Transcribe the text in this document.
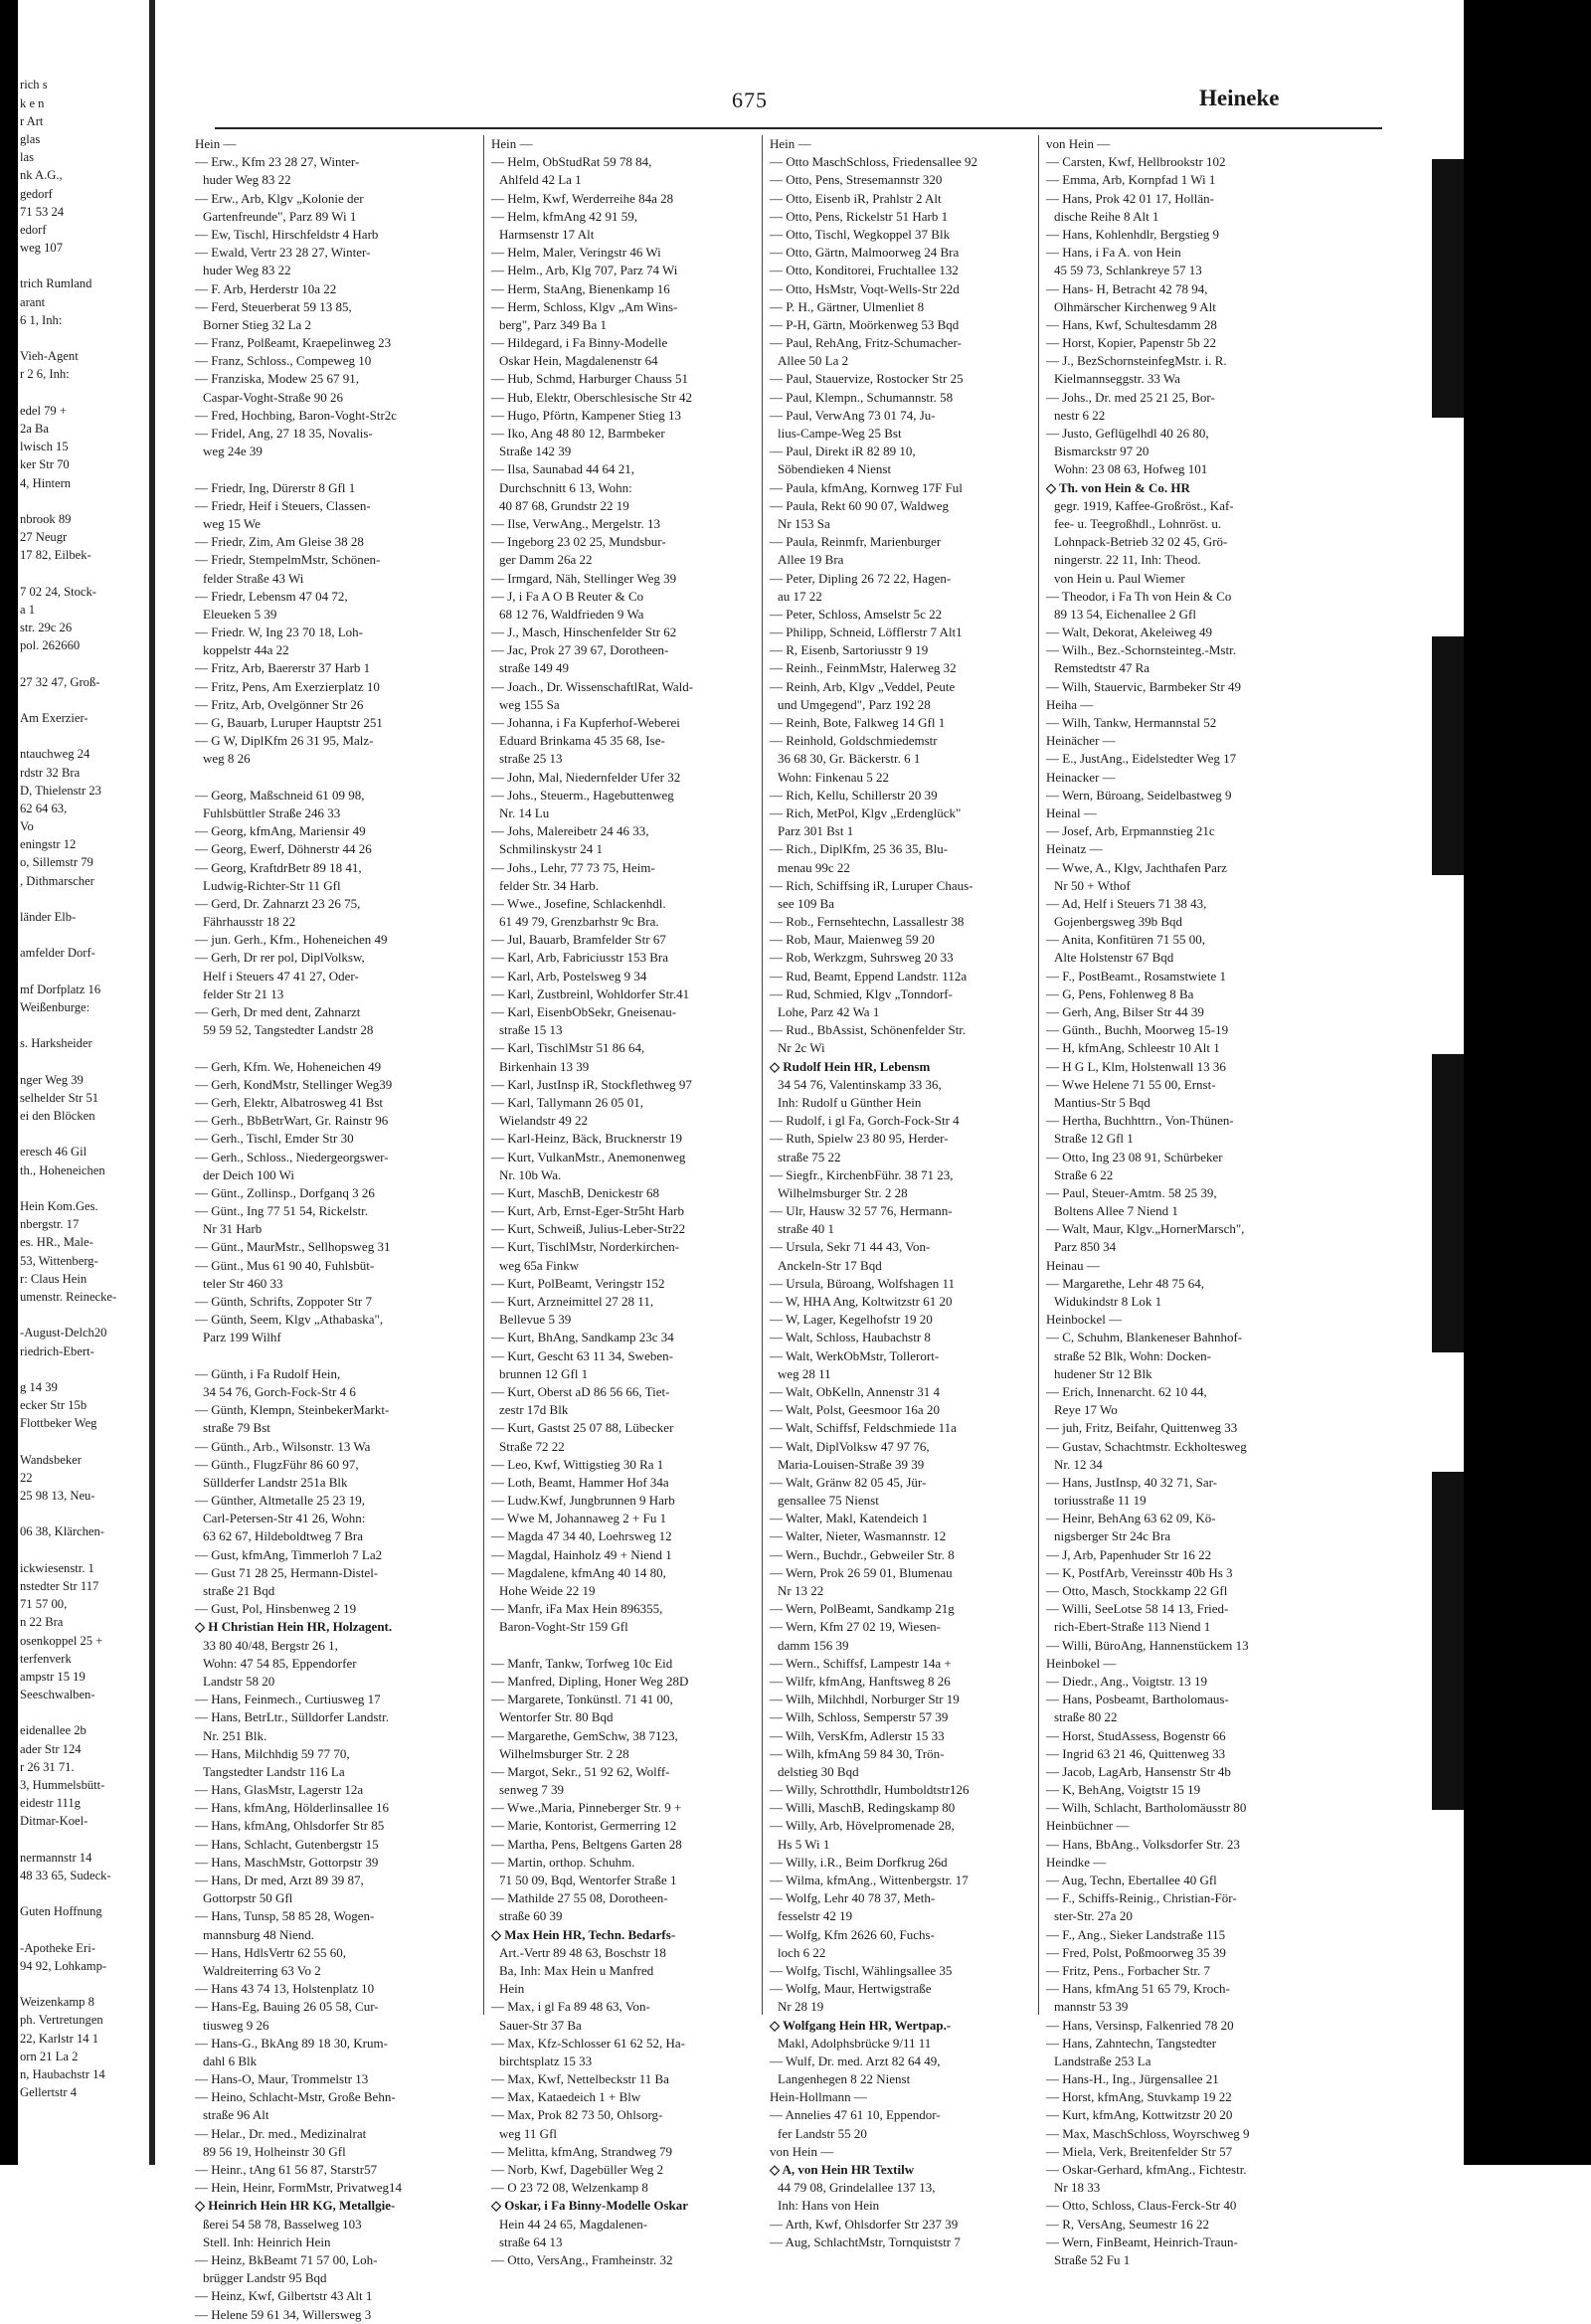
rich s
k e n
r Art
glas
las
nk A.G.,
gedorf
71 53 24
edorf
weg 107
trich Rumland
arant
6 1, Inh:
Vieh-Agent
r 2 6, Inh:
edel 79 +
2a Ba
lwisch 15
ker Str 70
4, Hintern
nbrook 89
27 Neugr
17 82, Eilbek-
7 02 24, Stock-
a 1
str. 29c 26
pol. 262660
27 32 47, Groß-
Am Exerzier-
ntauchweg 24
rdstr 32 Bra
D, Thielenstr 23
62 64 63,
Vo
eningstr 12
o, Sillemstr 79
, Dithmarscher
länder Elb-
amfelder Dorf-
mf Dorfplatz 16
Weißenburge:
s. Harksheider
nger Weg 39
selhelder Str 51
ei den Blöcken
eresch 46 Gil
th., Hoheneichen
Hein Kom.Ges.
nbergstr. 17
es. HR., Male-
53, Wittenberg-
r: Claus Hein
umenstr. Reinecke-
-August-Delch20
riedrich-Ebert-
g 14 39
ecker Str 15b
Flottbeker Weg
Wandsbeker
22
25 98 13, Neu-
06 38, Klärchen-
ickwiesenstr. 1
nstedter Str 117
71 57 00,
n 22 Bra
osenkoppel 25 +
terfenverk
ampstr 15 19
Seeschwalben-
eidenallee 2b
ader Str 124
r 26 31 71.
3, Hummelsbütt-
eidestr 111g
Ditmar-Koel-
nermannstr 14
48 33 65, Sudeck-
Guten Hoffnung
-Apotheke Eri-
94 92, Lohkamp-
Weizenkamp 8
ph. Vertretungen
22, Karlstr 14 1
orn 21 La 2
n, Haubachstr 14
Gellertstr 4
675	Heineke
Hein —
— Erw., Kfm 23 28 27, Winter-
huder Weg 83 22
— Erw., Arb, Klgv „Kolonie der
Gartenfreunde", Parz 89 Wi 1
— Ew, Tischl, Hirschfeldstr 4 Harb
— Ewald, Vertr 23 28 27, Winter-
huder Weg 83 22
— F. Arb, Herderstr 10a 22
— Ferd, Steuerberat 59 13 85,
Borner Stieg 32 La 2
— Franz, Polßeamt, Kraepelinweg 23
— Franz, Schloss., Compeweg 10
— Franziska, Modew 25 67 91,
Caspar-Voght-Straße 90 26
— Fred, Hochbing, Baron-Voght-Str2c
— Fridel, Ang, 27 18 35, Novalis-
weg 24e 39
— Friedr, Ing, Dürerstr 8 Gfl 1
— Friedr, Heif i Steuers, Classen-
weg 15 We
— Friedr, Zim, Am Gleise 38 28
— Friedr, StempelmMstr, Schönen-
felder Straße 43 Wi
— Friedr, Lebensm 47 04 72,
Eleueken 5 39
— Friedr. W, Ing 23 70 18, Loh-
koppelstr 44a 22
— Fritz, Arb, Baererstr 37 Harb 1
— Fritz, Pens, Am Exerzierplatz 10
— Fritz, Arb, Ovelgönner Str 26
— G, Bauarb, Luruper Hauptstr 251
— G W, DiplKfm 26 31 95, Malz-
weg 8 26
— Georg, Maßschneid 61 09 98,
Fuhlsbüttler Straße 246 33
— Georg, kfmAng, Mariensir 49
— Georg, Ewerf, Döhnerstr 44 26
— Georg, KraftdrBetr 89 18 41,
Ludwig-Richter-Str 11 Gfl
— Gerd, Dr. Zahnarzt 23 26 75,
Fährhausstr 18 22
— jun. Gerh., Kfm., Hoheneichen 49
— Gerh, Dr rer pol, DiplVolksw,
Helf i Steuers 47 41 27, Oder-
felder Str 21 13
— Gerh, Dr med dent, Zahnarzt
59 59 52, Tangstedter Landstr 28
— Gerh, Kfm. We, Hoheneichen 49
— Gerh, KondMstr, Stellinger Weg39
— Gerh, Elektr, Albatrosweg 41 Bst
— Gerh., BbBetrWart, Gr. Rainstr 96
— Gerh., Tischl, Emder Str 30
— Gerh., Schloss., Niedergeorgswer-
der Deich 100 Wi
— Günt., Zollinsp., Dorfganq 3 26
— Günt., Ing 77 51 54, Rickelstr.
Nr 31 Harb
— Günt., MaurMstr., Sellhopsweg 31
— Günt., Mus 61 90 40, Fuhlsbüt-
teler Str 460 33
— Günth, Schrifts, Zoppoter Str 7
— Günth, Seem, Klgv „Athabaska",
Parz 199 Wilhf
— Günth, i Fa Rudolf Hein,
34 54 76, Gorch-Fock-Str 4 6
— Günth, Klempn, SteinbekerMarkt-
straße 79 Bst
— Günth., Arb., Wilsonstr. 13 Wa
— Günth., FlugzFühr 86 60 97,
Süllderfer Landstr 251a Blk
— Günther, Altmetalle 25 23 19,
Carl-Petersen-Str 41 26, Wohn:
63 62 67, Hildeboldtweg 7 Bra
— Gust, kfmAng, Timmerloh 7 La2
— Gust 71 28 25, Hermann-Distel-
straße 21 Bqd
— Gust, Pol, Hinsbenweg 2 19
◇ H Christian Hein HR, Holzagent.
33 80 40/48, Bergstr 26 1,
Wohn: 47 54 85, Eppendorfer
Landstr 58 20
— Hans, Feinmech., Curtiusweg 17
— Hans, BetrLtr., Sülldorfer Landstr.
Nr. 251 Blk.
— Hans, Milchhdig 59 77 70,
Tangstedter Landstr 116 La
— Hans, GlasMstr, Lagerstr 12a
— Hans, kfmAng, Hölderlinsallee 16
— Hans, kfmAng, Ohlsdorfer Str 85
— Hans, Schlacht, Gutenbergstr 15
— Hans, MaschMstr, Gottorpstr 39
— Hans, Dr med, Arzt 89 39 87,
Gottorpstr 50 Gfl
— Hans, Tunsp, 58 85 28, Wogen-
mannsburg 48 Niend.
— Hans, HdlsVertr 62 55 60,
Waldreiterring 63 Vo 2
— Hans 43 74 13, Holstenplatz 10
— Hans-Eg, Bauing 26 05 58, Cur-
tiusweg 9 26
— Hans-G., BkAng 89 18 30, Krum-
dahl 6 Blk
— Hans-O, Maur, Trommelstr 13
— Heino, Schlacht-Mstr, Große Behn-
straße 96 Alt
— Helar., Dr. med., Medizinalrat
89 56 19, Holheinstr 30 Gfl
— Heinr., tAng 61 56 87, Starstr57
— Hein, Heinr, FormMstr, Privatweg14
◇ Heinrich Hein HR KG, Metallgie-
ßerei 54 58 78, Basselweg 103
Stell. Inh: Heinrich Hein
— Heinz, BkBeamt 71 57 00, Loh-
brügger Landstr 95 Bqd
— Heinz, Kwf, Gilbertstr 43 Alt 1
— Helene 59 61 34, Willersweg 3
Hein —
— Helm, ObStudRat 59 78 84,
Ahlfeld 42 La 1
— Helm, Kwf, Werderreihe 84a 28
— Helm, kfmAng 42 91 59,
Harmsenstr 17 Alt
— Helm, Maler, Veringstr 46 Wi
— Helm., Arb, Klg 707, Parz 74 Wi
— Herm, StaAng, Bienenkamp 16
— Herm, Schloss, Klgv „Am Wins-
berg", Parz 349 Ba 1
— Hildegard, i Fa Binny-Modelle
Oskar Hein, Magdalenenstr 64
— Hub, Schmd, Harburger Chauss 51
— Hub, Elektr, Oberschlesische Str 42
— Hugo, Pförtn, Kampener Stieg 13
— Iko, Ang 48 80 12, Barmbeker
Straße 142 39
— Ilsa, Saunabad 44 64 21,
Durchschnitt 6 13, Wohn:
40 87 68, Grundstr 22 19
— Ilse, VerwAng., Mergelstr. 13
— Ingeborg 23 02 25, Mundsbur-
ger Damm 26a 22
— Irmgard, Näh, Stellinger Weg 39
— J, i Fa A O B Reuter & Co
68 12 76, Waldfrieden 9 Wa
— J., Masch, Hinschenfelder Str 62
— Jac, Prok 27 39 67, Dorotheen-
straße 149 49
— Joach., Dr. WissenschaftlRat, Wald-
weg 155 Sa
— Johanna, i Fa Kupferhof-Weberei
Eduard Brinkama 45 35 68, Ise-
straße 25 13
— John, Mal, Niedernfelder Ufer 32
— Johs., Steuerm., Hagebuttenweg
Nr. 14 Lu
— Johs, Malereibetr 24 46 33,
Schmilinskystr 24 1
— Johs., Lehr, 77 73 75, Heim-
felder Str. 34 Harb.
— Wwe., Josefine, Schlackenhdl.
61 49 79, Grenzbarhstr 9c Bra.
— Jul, Bauarb, Bramfelder Str 67
— Karl, Arb, Fabriciusstr 153 Bra
— Karl, Arb, Postelsweg 9 34
— Karl, Zustbreinl, Wohldorfer Str.41
— Karl, EisenbObSekr, Gneisenau-
straße 15 13
— Karl, TischlMstr 51 86 64,
Birkenhain 13 39
— Karl, JustInsp iR, Stockflethweg 97
— Karl, Tallymann 26 05 01,
Wielandstr 49 22
— Karl-Heinz, Bäck, Brucknerstr 19
— Kurt, VulkanMstr., Anemonenweg
Nr. 10b Wa.
— Kurt, MaschB, Denickestr 68
— Kurt, Arb, Ernst-Eger-Str5ht Harb
— Kurt, Schweiß, Julius-Leber-Str22
— Kurt, TischlMstr, Norderkirchen-
weg 65a Finkw
— Kurt, PolBeamt, Veringstr 152
— Kurt, Arzneimittel 27 28 11,
Bellevue 5 39
— Kurt, BhAng, Sandkamp 23c 34
— Kurt, Gescht 63 11 34, Sweben-
brunnen 12 Gfl 1
— Kurt, Oberst aD 86 56 66, Tiet-
zestr 17d Blk
— Kurt, Gastst 25 07 88, Lübecker
Straße 72 22
— Leo, Kwf, Wittigstieg 30 Ra 1
— Loth, Beamt, Hammer Hof 34a
— Ludw.Kwf, Jungbrunnen 9 Harb
— Wwe M, Johannaweg 2 + Fu 1
— Magda 47 34 40, Loehrsweg 12
— Magdal, Hainholz 49 + Niend 1
— Magdalene, kfmAng 40 14 80,
Hohe Weide 22 19
— Manfr, iFa Max Hein 896355,
Baron-Voght-Str 159 Gfl
— Manfr, Tankw, Torfweg 10c Eid
— Manfred, Dipling, Honer Weg 28D
— Margarete, Tonkünstl. 71 41 00,
Wentorfer Str. 80 Bqd
— Margarethe, GemSchw, 38 7123,
Wilhelmsburger Str. 2 28
— Margot, Sekr., 51 92 62, Wolff-
senweg 7 39
— Wwe.,Maria, Pinneberger Str. 9 +
— Marie, Kontorist, Germerring 12
— Martha, Pens, Beltgens Garten 28
— Martin, orthop. Schuhm.
71 50 09, Bqd, Wentorfer Straße 1
— Mathilde 27 55 08, Dorotheen-
straße 60 39
◇ Max Hein HR, Techn. Bedarfs-
Art.-Vertr 89 48 63, Boschstr 18
Ba, Inh: Max Hein u Manfred
Hein
— Max, i gl Fa 89 48 63, Von-
Sauer-Str 37 Ba
— Max, Kfz-Schlosser 61 62 52, Ha-
birchtsplatz 15 33
— Max, Kwf, Nettelbeckstr 11 Ba
— Max, Kataedeich 1 + Blw
— Max, Prok 82 73 50, Ohlsorg-
weg 11 Gfl
— Melitta, kfmAng, Strandweg 79
— Norb, Kwf, Dagebüller Weg 2
— O 23 72 08, Welzenkamp 8
◇ Oskar, i Fa Binny-Modelle Oskar
Hein 44 24 65, Magdalenen-
straße 64 13
— Otto, VersAng., Framheinstr. 32
Hein —
— Otto MaschSchloss, Friedensallee 92
— Otto, Pens, Stresemannstr 320
— Otto, Eisenb iR, Prahlstr 2 Alt
— Otto, Pens, Rickelstr 51 Harb 1
— Otto, Tischl, Wegkoppel 37 Blk
— Otto, Gärtn, Malmoorweg 24 Bra
— Otto, Konditorei, Fruchtallee 132
— Otto, HsMstr, Voqt-Wells-Str 22d
— P. H., Gärtner, Ulmenliet 8
— P-H, Gärtn, Moörkenweg 53 Bqd
— Paul, RehAng, Fritz-Schumacher-
Allee 50 La 2
— Paul, Stauervize, Rostocker Str 25
— Paul, Klempn., Schumannstr. 58
— Paul, VerwAng 73 01 74, Ju-
lius-Campe-Weg 25 Bst
— Paul, Direkt iR 82 89 10,
Söbendieken 4 Nienst
— Paula, kfmAng, Kornweg 17F Ful
— Paula, Rekt 60 90 07, Waldweg
Nr 153 Sa
— Paula, Reinmfr, Marienburger
Allee 19 Bra
— Peter, Dipling 26 72 22, Hagen-
au 17 22
— Peter, Schloss, Amselstr 5c 22
— Philipp, Schneid, Löfflerstr 7 Alt1
— R, Eisenb, Sartoriusstr 9 19
— Reinh., FeinmMstr, Halerweg 32
— Reinh, Arb, Klgv „Veddel, Peute
und Umgegend", Parz 192 28
— Reinh, Bote, Falkweg 14 Gfl 1
— Reinhold, Goldschmiedemstr
36 68 30, Gr. Bäckerstr. 6 1
Wohn: Finkenau 5 22
— Rich, Kellu, Schillerstr 20 39
— Rich, MetPol, Klgv „Erdenglück"
Parz 301 Bst 1
— Rich., DiplKfm, 25 36 35, Blu-
menau 99c 22
— Rich, Schiffsing iR, Luruper Chaus-
see 109 Ba
— Rob., Fernsehtechn, Lassallestr 38
— Rob, Maur, Maienweg 59 20
— Rob, Werkzgm, Suhrsweg 20 33
— Rud, Beamt, Eppend Landstr. 112a
— Rud, Schmied, Klgv „Tonndorf-
Lohe, Parz 42 Wa 1
— Rud., BbAssist, Schönenfelder Str.
Nr 2c Wi
◇ Rudolf Hein HR, Lebensm
34 54 76, Valentinskamp 33 36,
Inh: Rudolf u Günther Hein
— Rudolf, i gl Fa, Gorch-Fock-Str 4
— Ruth, Spielw 23 80 95, Herder-
straße 75 22
— Siegfr., KirchenbFühr. 38 71 23,
Wilhelmsburger Str. 2 28
— Ulr, Hausw 32 57 76, Hermann-
straße 40 1
— Ursula, Sekr 71 44 43, Von-
Anckeln-Str 17 Bqd
— Ursula, Büroang, Wolfshagen 11
— W, HHA Ang, Koltwitzstr 61 20
— W, Lager, Kegelhofstr 19 20
— Walt, Schloss, Haubachstr 8
— Walt, WerkObMstr, Tollerort-
weg 28 11
— Walt, ObKelln, Annenstr 31 4
— Walt, Polst, Geesmoor 16a 20
— Walt, Schiffsf, Feldschmiede 11a
— Walt, DiplVolksw 47 97 76,
Maria-Louisen-Straße 39 39
— Walt, Gränw 82 05 45, Jür-
gensallee 75 Nienst
— Walter, Makl, Katendeich 1
— Walter, Nieter, Wasmannstr. 12
— Wern., Buchdr., Gebweiler Str. 8
— Wern, Prok 26 59 01, Blumenau
Nr 13 22
— Wern, PolBeamt, Sandkamp 21g
— Wern, Kfm 27 02 19, Wiesen-
damm 156 39
— Wern., Schiffsf, Lampestr 14a +
— Wilfr, kfmAng, Hanftsweg 8 26
— Wilh, Milchhdl, Norburger Str 19
— Wilh, Schloss, Semperstr 57 39
— Wilh, VersKfm, Adlerstr 15 33
— Wilh, kfmAng 59 84 30, Trön-
delstieg 30 Bqd
— Willy, Schrotthdlr, Humboldtstr126
— Willi, MaschB, Redingskamp 80
— Willy, Arb, Hövelpromenade 28,
Hs 5 Wi 1
— Willy, i.R., Beim Dorfkrug 26d
— Wilma, kfmAng., Wittenbergstr. 17
— Wolfg, Lehr 40 78 37, Meth-
fesselstr 42 19
— Wolfg, Kfm 2626 60, Fuchs-
loch 6 22
— Wolfg, Tischl, Wählingsallee 35
— Wolfg, Maur, Hertwigstraße
Nr 28 19
◇ Wolfgang Hein HR, Wertpap.-
Makl, Adolphsbrücke 9/11 11
— Wulf, Dr. med. Arzt 82 64 49,
Langenhegen 8 22 Nienst
Hein-Hollmann —
— Annelies 47 61 10, Eppendor-
fer Landstr 55 20
von Hein —
◇ A, von Hein HR Textilw
44 79 08, Grindelallee 137 13,
Inh: Hans von Hein
— Arth, Kwf, Ohlsdorfer Str 237 39
— Aug, SchlachtMstr, Tornquiststr 7
von Hein —
— Carsten, Kwf, Hellbrookstr 102
— Emma, Arb, Kornpfad 1 Wi 1
— Hans, Prok 42 01 17, Hollän-
dische Reihe 8 Alt 1
— Hans, Kohlenhdlr, Bergstieg 9
— Hans, i Fa A. von Hein
45 59 73, Schlankreye 57 13
— Hans- H, Betracht 42 78 94,
Olhmärscher Kirchenweg 9 Alt
— Hans, Kwf, Schultesdamm 28
— Horst, Kopier, Papenstr 5b 22
— J., BezSchornsteinfegMstr. i. R.
Kielmannseggstr. 33 Wa
— Johs., Dr. med 25 21 25, Bor-
nestr 6 22
— Justo, Geflügelhdl 40 26 80,
Bismarckstr 97 20
Wohn: 23 08 63, Hofweg 101
◇ Th. von Hein & Co. HR
gegr. 1919, Kaffee-Großröst., Kaf-
fee- u. Teegroßhdl., Lohnröst. u.
Lohnpack-Betrieb 32 02 45, Grö-
ningerstr. 22 11, Inh: Theod.
von Hein u. Paul Wiemer
— Theodor, i Fa Th von Hein & Co
89 13 54, Eichenallee 2 Gfl
— Walt, Dekorat, Akeleiweg 49
— Wilh., Bez.-Schornsteinteg.-Mstr.
Remstedtstr 47 Ra
— Wilh, Stauervic, Barmbeker Str 49
Heiha —
— Wilh, Tankw, Hermannstal 52
Heinächer —
— E., JustAng., Eidelstedter Weg 17
Heinacker —
— Wern, Büroang, Seidelbastweg 9
Heinal —
— Josef, Arb, Erpmannstieg 21c
Heinatz —
— Wwe, A., Klgv, Jachthafen Parz
Nr 50 + Wthof
— Ad, Helf i Steuers 71 38 43,
Gojenbergsweg 39b Bqd
— Anita, Konfitüren 71 55 00,
Alte Holstenstr 67 Bqd
— F., PostBeamt., Rosamstwiete 1
— G, Pens, Fohlenweg 8 Ba
— Gerh, Ang, Bilser Str 44 39
— Günth., Buchh, Moorweg 15-19
— H, kfmAng, Schleestr 10 Alt 1
— H G L, Klm, Holstenwall 13 36
— Wwe Helene 71 55 00, Ernst-
Mantius-Str 5 Bqd
— Hertha, Buchhttrn., Von-Thünen-
Straße 12 Gfl 1
— Otto, Ing 23 08 91, Schürbeker
Straße 6 22
— Paul, Steuer-Amtm. 58 25 39,
Boltens Allee 7 Niend 1
— Walt, Maur, Klgv.„HornerMarsch",
Parz 850 34
Heinau —
— Margarethe, Lehr 48 75 64,
Widukindstr 8 Lok 1
Heinbockel —
— C, Schuhm, Blankeneser Bahnhof-
straße 52 Blk, Wohn: Docken-
hudener Str 12 Blk
— Erich, Innenarcht. 62 10 44,
Reye 17 Wo
— juh, Fritz, Beifahr, Quittenweg 33
— Gustav, Schachtmstr. Eckholtesweg
Nr. 12 34
— Hans, JustInsp, 40 32 71, Sar-
toriusstraße 11 19
— Heinr, BehAng 63 62 09, Kö-
nigsberger Str 24c Bra
— J, Arb, Papenhuder Str 16 22
— K, PostfArb, Vereinsstr 40b Hs 3
— Otto, Masch, Stockkamp 22 Gfl
— Willi, SeeLotse 58 14 13, Fried-
rich-Ebert-Straße 113 Niend 1
— Willi, BüroAng, Hannenstückem 13
Heinbokel —
— Diedr., Ang., Voigtstr. 13 19
— Hans, Posbeamt, Bartholomaus-
straße 80 22
— Horst, StudAssess, Bogenstr 66
— Ingrid 63 21 46, Quittenweg 33
— Jacob, LagArb, Hansenstr Str 4b
— K, BehAng, Voigtstr 15 19
— Wilh, Schlacht, Bartholomäusstr 80
Heinbüchner —
— Hans, BbAng., Volksdorfer Str. 23
Heindke —
— Aug, Techn, Ebertallee 40 Gfl
— F., Schiffs-Reinig., Christian-För-
ster-Str. 27a 20
— F., Ang., Sieker Landstraße 115
— Fred, Polst, Poßmoorweg 35 39
— Fritz, Pens., Forbacher Str. 7
— Hans, kfmAng 51 65 79, Kroch-
mannstr 53 39
— Hans, Versinsp, Falkenried 78 20
— Hans, Zahntechn, Tangstedter
Landstraße 253 La
— Hans-H., Ing., Jürgensallee 21
— Horst, kfmAng, Stuvkamp 19 22
— Kurt, kfmAng, Kottwitzstr 20 20
— Max, MaschSchloss, Woyrschweg 9
— Miela, Verk, Breitenfelder Str 57
— Oskar-Gerhard, kfmAng., Fichtestr.
Nr 18 33
— Otto, Schloss, Claus-Ferck-Str 40
— R, VersAng, Seumestr 16 22
— Wern, FinBeamt, Heinrich-Traun-
Straße 52 Fu 1
